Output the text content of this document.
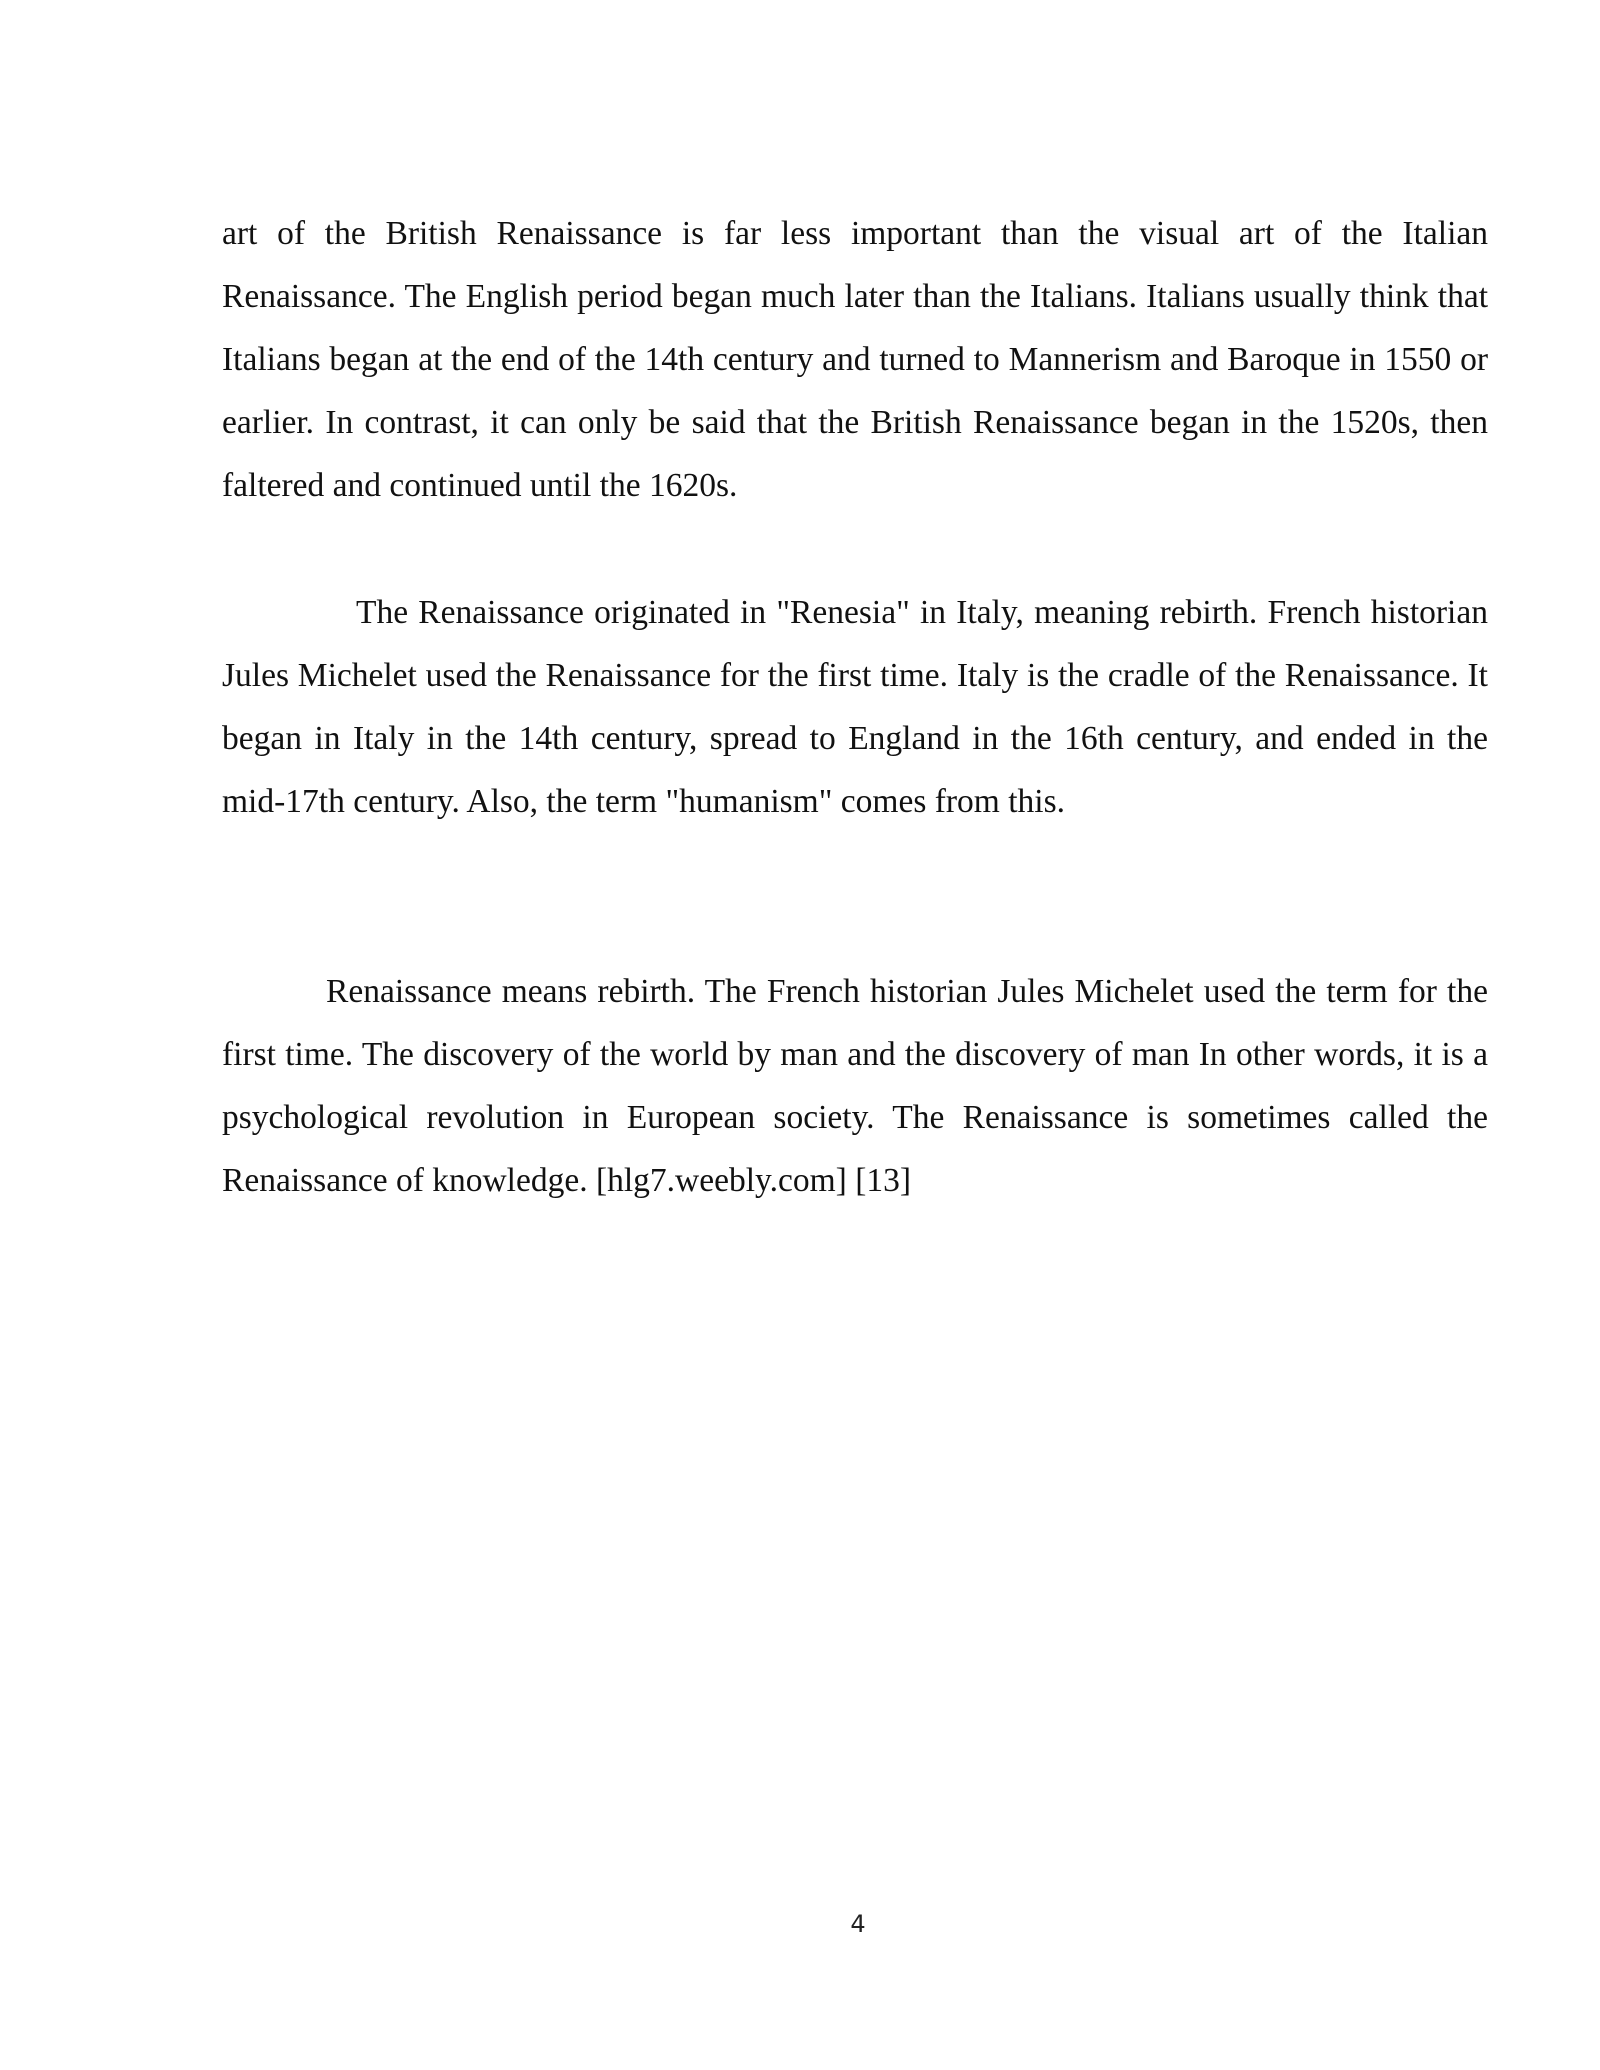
art of the British Renaissance is far less important than the visual art of the Italian Renaissance. The English period began much later than the Italians. Italians usually think that Italians began at the end of the 14th century and turned to Mannerism and Baroque in 1550 or earlier. In contrast, it can only be said that the British Renaissance began in the 1520s, then faltered and continued until the 1620s.

The Renaissance originated in "Renesia" in Italy, meaning rebirth. French historian Jules Michelet used the Renaissance for the first time. Italy is the cradle of the Renaissance. It began in Italy in the 14th century, spread to England in the 16th century, and ended in the mid-17th century. Also, the term "humanism" comes from this.

Renaissance means rebirth. The French historian Jules Michelet used the term for the first time. The discovery of the world by man and the discovery of man In other words, it is a psychological revolution in European society. The Renaissance is sometimes called the Renaissance of knowledge. [hlg7.weebly.com] [13]

4
